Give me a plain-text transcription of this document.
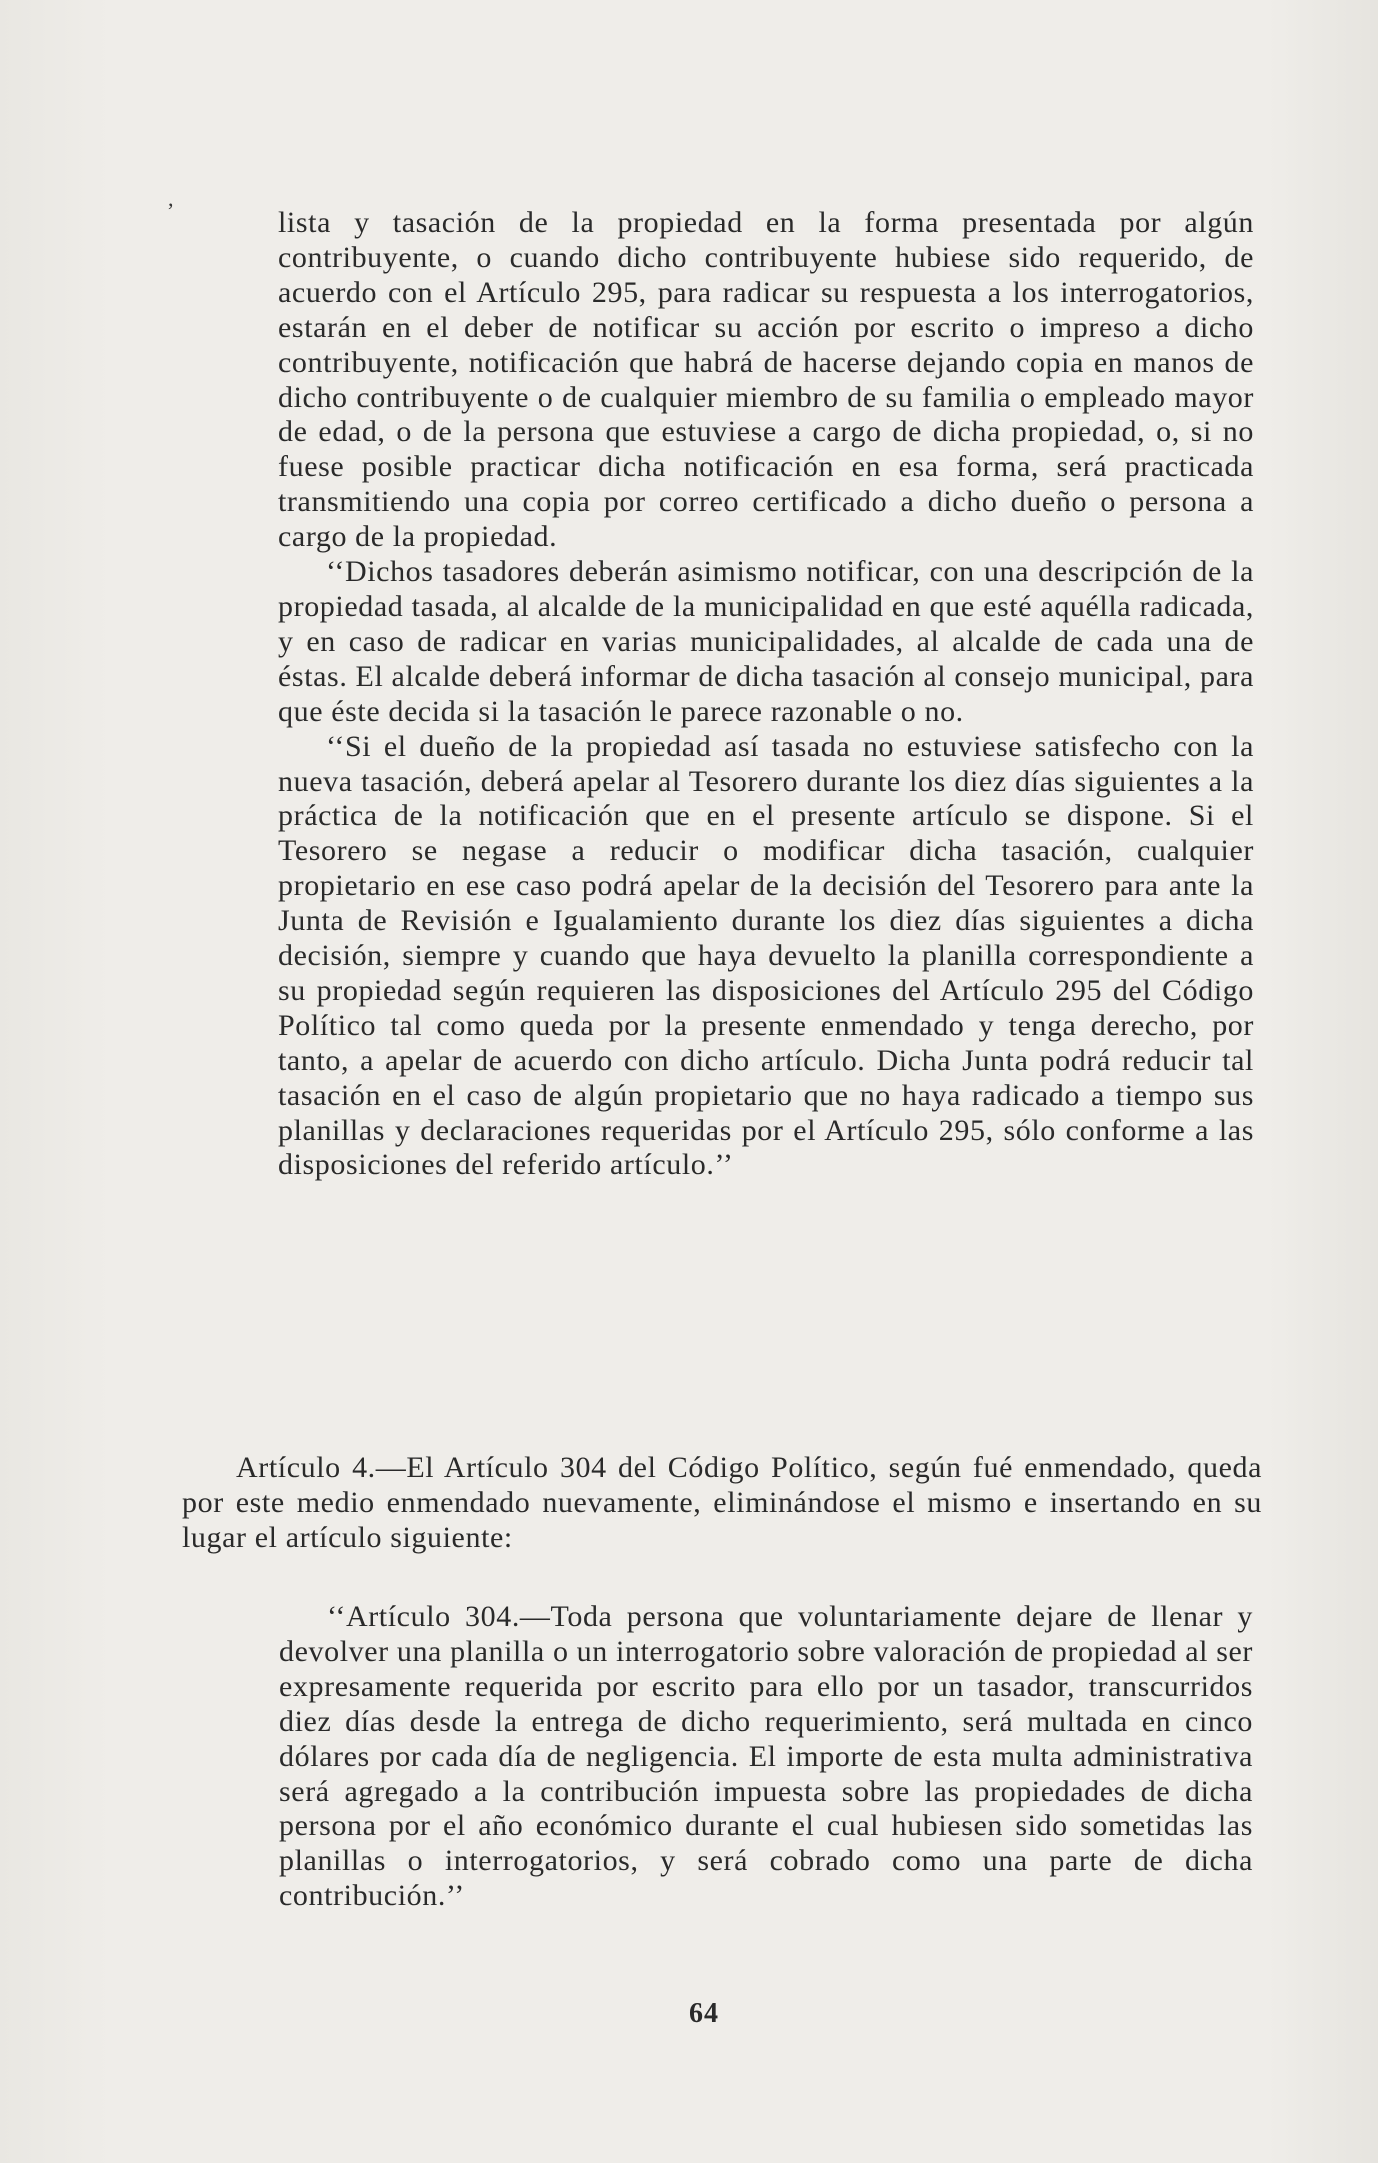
,

lista y tasación de la propiedad en la forma presentada por algún contribuyente, o cuando dicho contribuyente hubiese sido requerido, de acuerdo con el Artículo 295, para radicar su respuesta a los interrogatorios, estarán en el deber de notificar su acción por escrito o impreso a dicho contribuyente, notificación que habrá de hacerse dejando copia en manos de dicho contribuyente o de cualquier miembro de su familia o empleado mayor de edad, o de la persona que estuviese a cargo de dicha propiedad, o, si no fuese posible practicar dicha notificación en esa forma, será practicada transmitiendo una copia por correo certificado a dicho dueño o persona a cargo de la propiedad.

‘‘Dichos tasadores deberán asimismo notificar, con una descripción de la propiedad tasada, al alcalde de la municipalidad en que esté aquélla radicada, y en caso de radicar en varias municipalidades, al alcalde de cada una de éstas. El alcalde deberá informar de dicha tasación al consejo municipal, para que éste decida si la tasación le parece razonable o no.

‘‘Si el dueño de la propiedad así tasada no estuviese satisfecho con la nueva tasación, deberá apelar al Tesorero durante los diez días siguientes a la práctica de la notificación que en el presente artículo se dispone. Si el Tesorero se negase a reducir o modificar dicha tasación, cualquier propietario en ese caso podrá apelar de la decisión del Tesorero para ante la Junta de Revisión e Igualamiento durante los diez días siguientes a dicha decisión, siempre y cuando que haya devuelto la planilla correspondiente a su propiedad según requieren las disposiciones del Artículo 295 del Código Político tal como queda por la presente enmendado y tenga derecho, por tanto, a apelar de acuerdo con dicho artículo. Dicha Junta podrá reducir tal tasación en el caso de algún propietario que no haya radicado a tiempo sus planillas y declaraciones requeridas por el Artículo 295, sólo conforme a las disposiciones del referido artículo.’’

Artículo 4.—El Artículo 304 del Código Político, según fué enmendado, queda por este medio enmendado nuevamente, eliminándose el mismo e insertando en su lugar el artículo siguiente:

‘‘Artículo 304.—Toda persona que voluntariamente dejare de llenar y devolver una planilla o un interrogatorio sobre valoración de propiedad al ser expresamente requerida por escrito para ello por un tasador, transcurridos diez días desde la entrega de dicho requerimiento, será multada en cinco dólares por cada día de negligencia. El importe de esta multa administrativa será agregado a la contribución impuesta sobre las propiedades de dicha persona por el año económico durante el cual hubiesen sido sometidas las planillas o interrogatorios, y será cobrado como una parte de dicha contribución.’’

64
